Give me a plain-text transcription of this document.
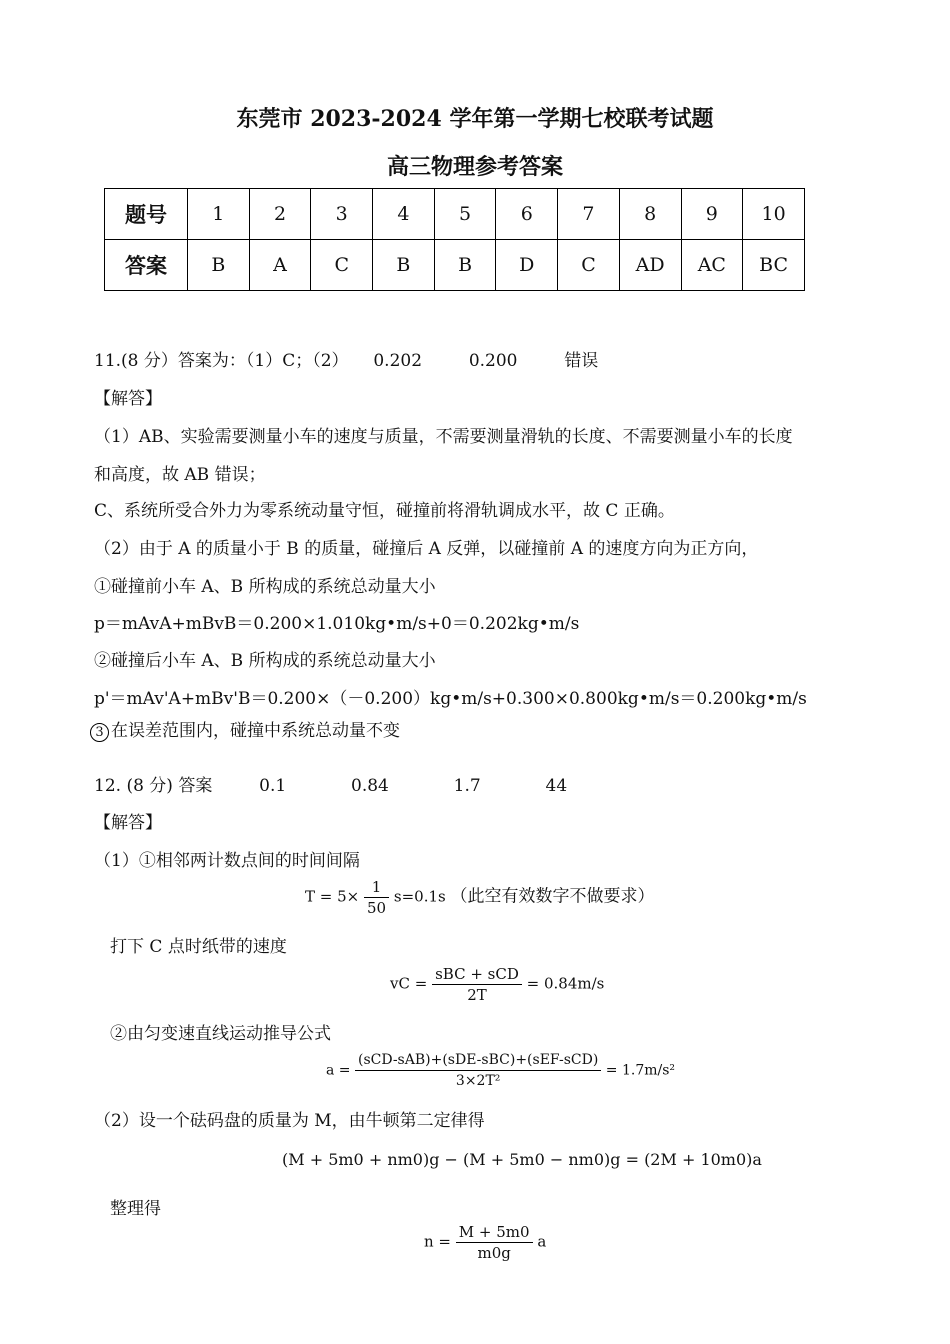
东莞市 2023-2024 学年第一学期七校联考试题
高三物理参考答案
题号	1	2	3	4	5	6	7	8	9	10
答案	B	A	C	B	B	D	C	AD	AC	BC
11.(8 分）答案为：（1）C；（2） 0.202	0.200	错误
【解答】
（1）AB、实验需要测量小车的速度与质量，不需要测量滑轨的长度、不需要测量小车的长度
和高度，故 AB 错误；
C、系统所受合外力为零系统动量守恒，碰撞前将滑轨调成水平，故 C 正确。
（2）由于 A 的质量小于 B 的质量，碰撞后 A 反弹，以碰撞前 A 的速度方向为正方向，
①碰撞前小车 A、B 所构成的系统总动量大小
p＝mAvA+mBvB＝0.200×1.010kg•m/s+0＝0.202kg•m/s
②碰撞后小车 A、B 所构成的系统总动量大小
p'＝mAv'A+mBv'B＝0.200×（－0.200）kg•m/s+0.300×0.800kg•m/s＝0.200kg•m/s
3 在误差范围内，碰撞中系统总动量不变
12. (8 分) 答案	0.1	0.84	1.7	44
【解答】
（1）①相邻两计数点间的时间间隔
$T = 5\times \frac{1}{50} s=0.1s$ （此空有效数字不做要求）
打下 C 点时纸带的速度
vC = $\frac{\text{sBC + sCD}}{2T} = 0.84m/s$
②由匀变速直线运动推导公式
$a = \frac{\text{(sCD-sAB)+(sDE-sBC)+(sEF-sCD)}}{\text{3×2T²}} = 1.7m/s^2$
（2）设一个砝码盘的质量为 M，由牛顿第二定律得
(M + 5m0 + nm0)g − (M + 5m0 − nm0)g = (2M + 10m0)a
整理得
$n = \frac{M + 5m0}{m0g}$ a
